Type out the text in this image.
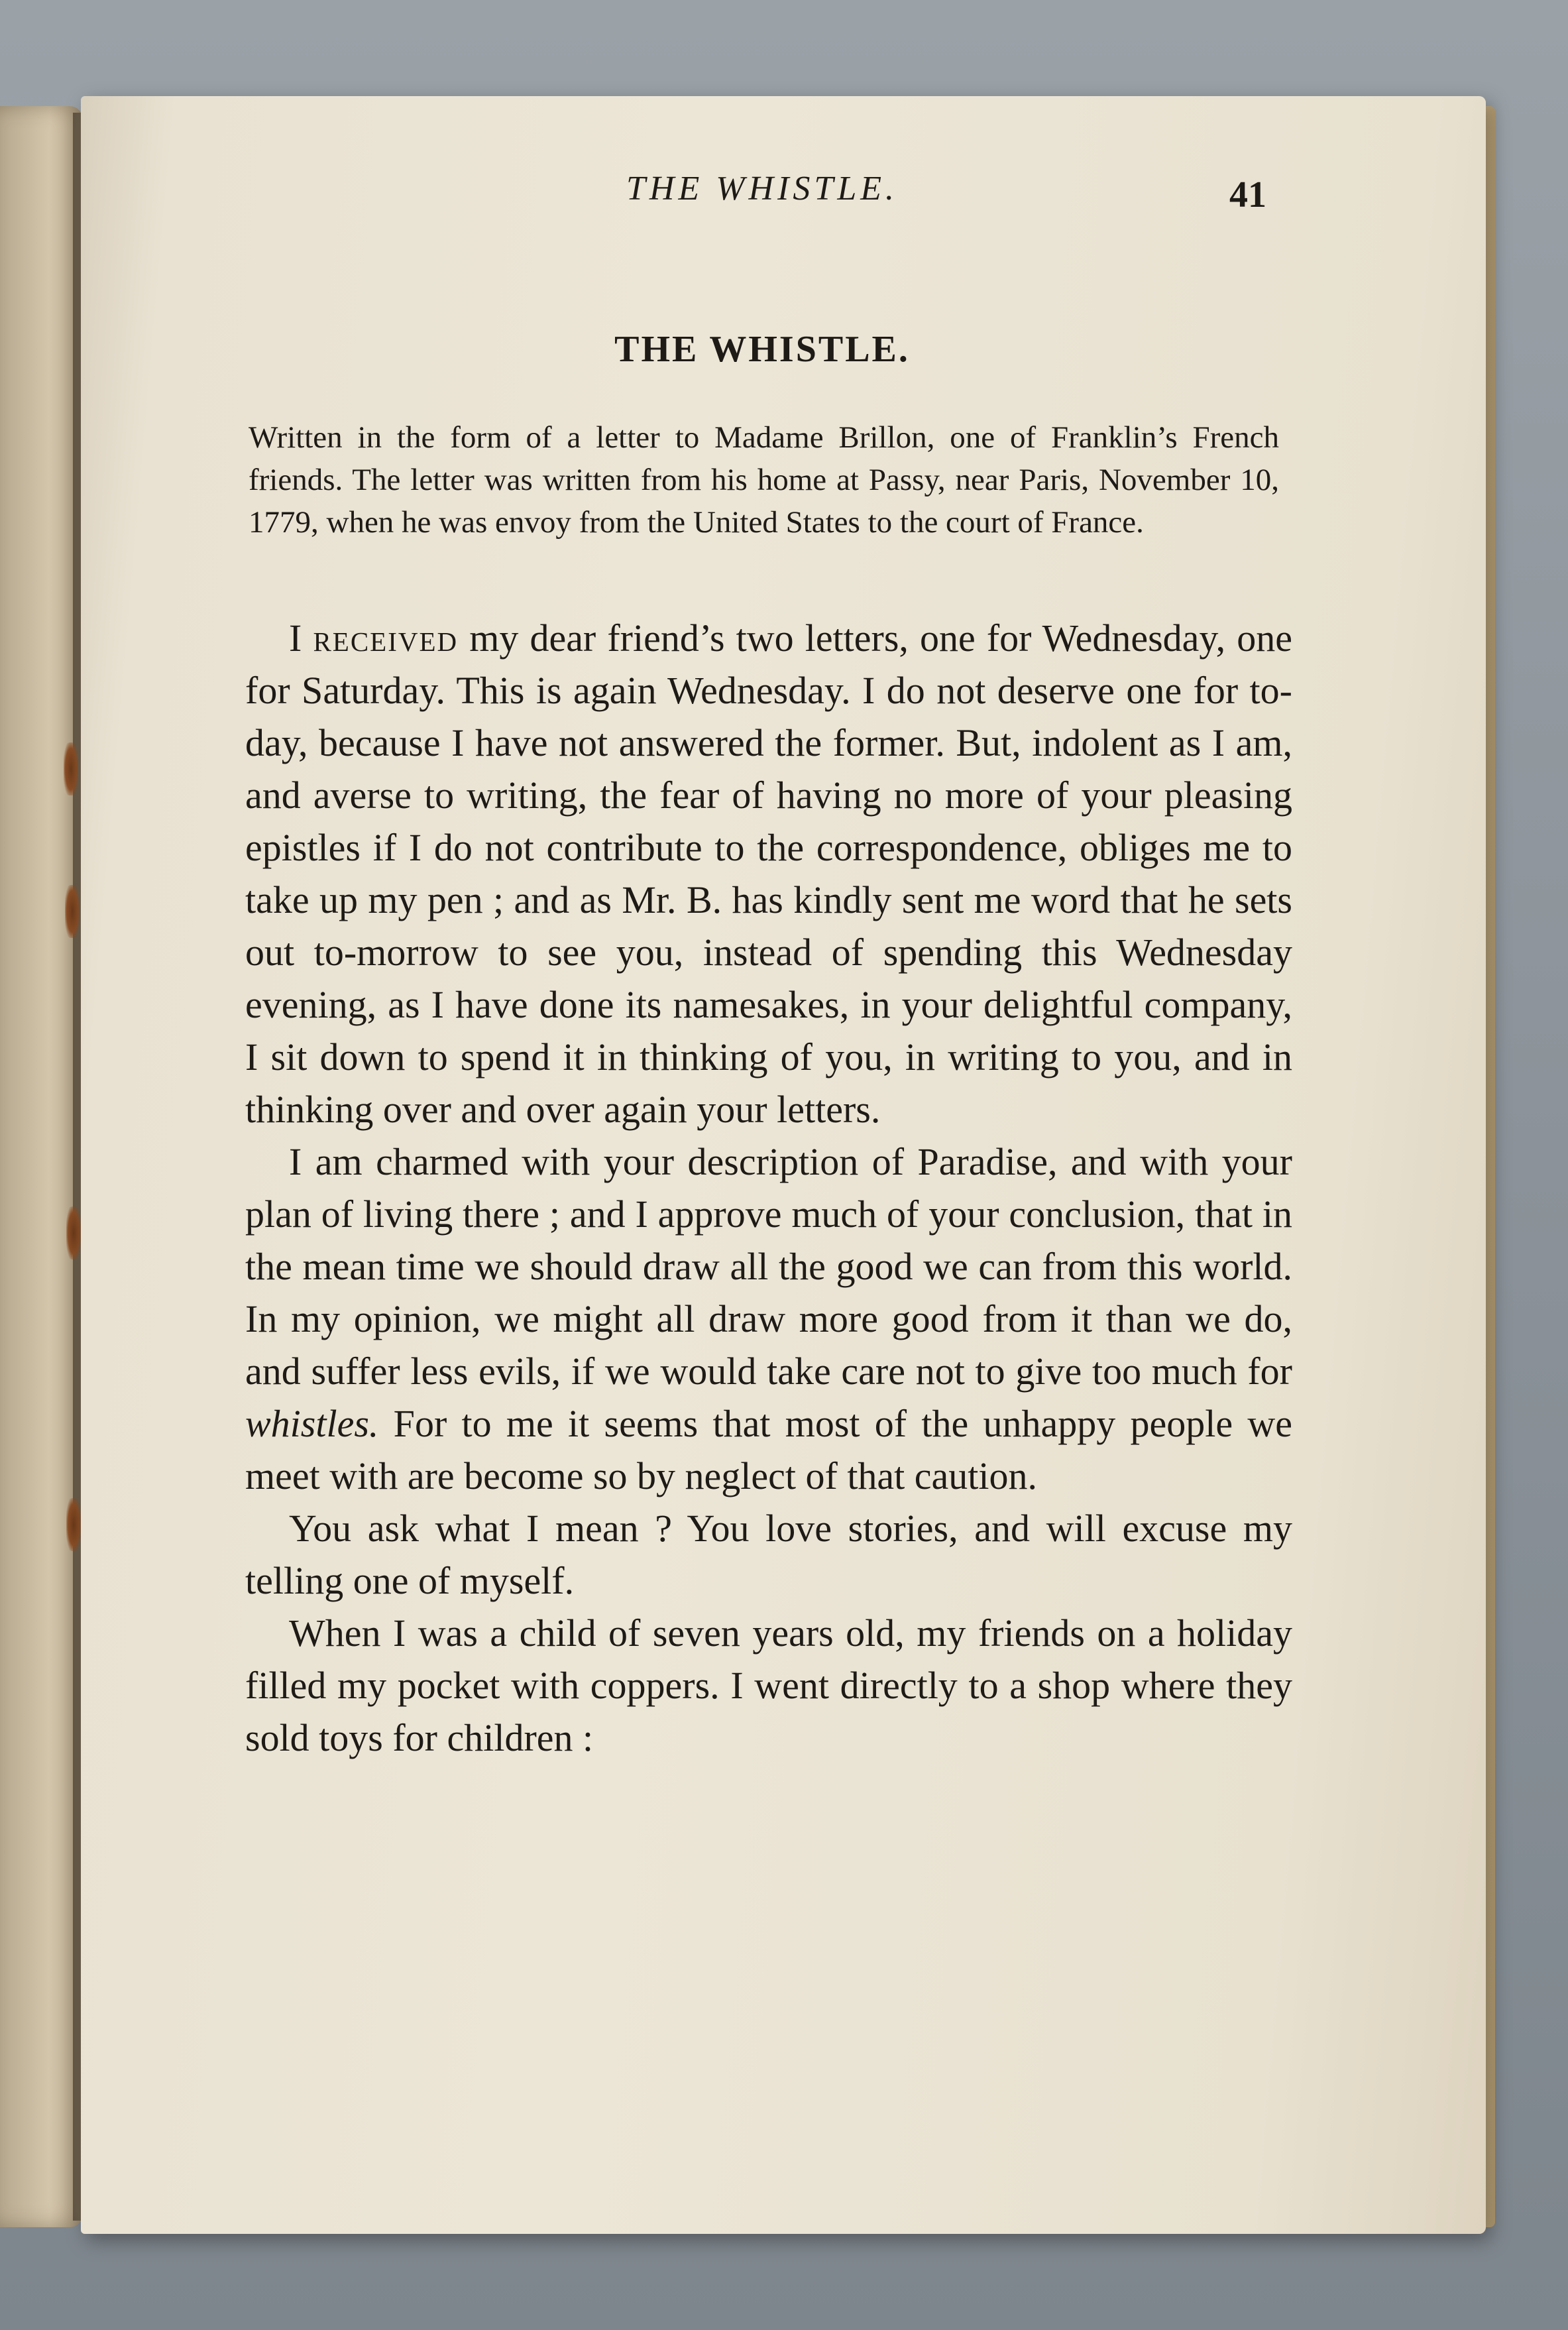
THE WHISTLE.	41
THE WHISTLE.
Written in the form of a letter to Madame Brillon, one of Franklin’s French friends. The letter was written from his home at Passy, near Paris, November 10, 1779, when he was envoy from the United States to the court of France.

I received my dear friend’s two letters, one for Wednesday, one for Saturday. This is again Wednesday. I do not deserve one for to-day, because I have not answered the former. But, indolent as I am, and averse to writing, the fear of having no more of your pleasing epistles if I do not contribute to the correspondence, obliges me to take up my pen ; and as Mr. B. has kindly sent me word that he sets out to-morrow to see you, instead of spending this Wednesday evening, as I have done its namesakes, in your delightful company, I sit down to spend it in thinking of you, in writing to you, and in thinking over and over again your letters.

I am charmed with your description of Paradise, and with your plan of living there ; and I approve much of your conclusion, that in the mean time we should draw all the good we can from this world. In my opinion, we might all draw more good from it than we do, and suffer less evils, if we would take care not to give too much for whistles. For to me it seems that most of the unhappy people we meet with are become so by neglect of that caution.

You ask what I mean ? You love stories, and will excuse my telling one of myself.

When I was a child of seven years old, my friends on a holiday filled my pocket with coppers. I went directly to a shop where they sold toys for children :
